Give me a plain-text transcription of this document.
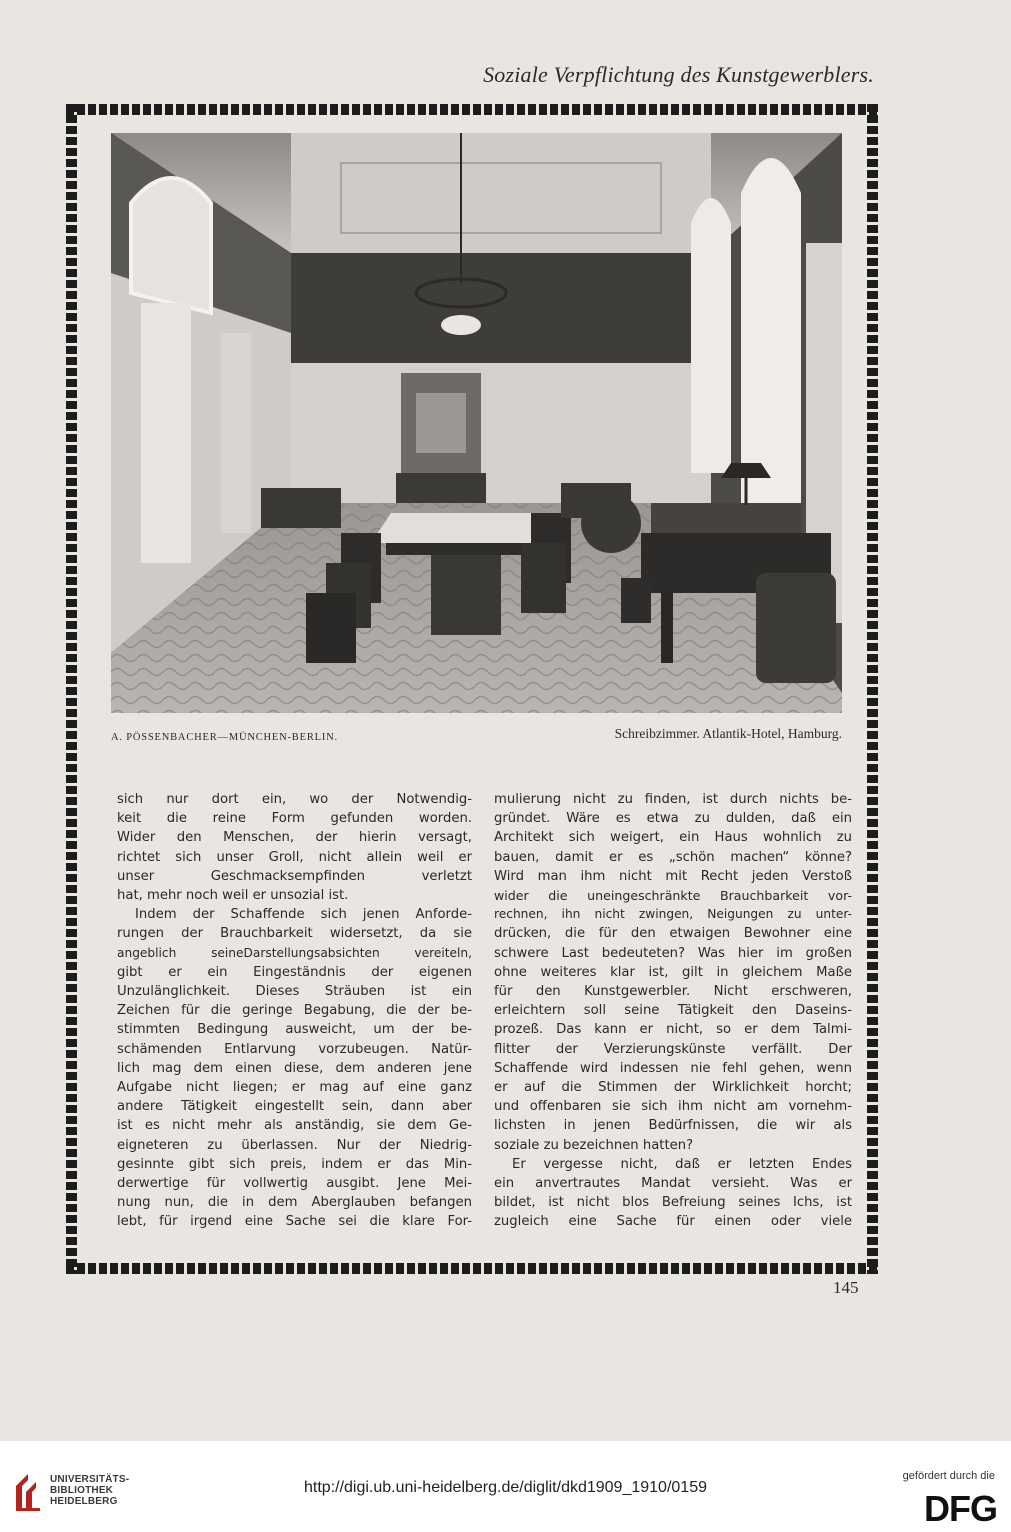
Soziale Verpflichtung des Kunstgewerblers.
A. PÖSSENBACHER—MÜNCHEN-BERLIN.	Schreibzimmer. Atlantik-Hotel, Hamburg.

sich nur dort ein, wo der Notwendig-

keit die reine Form gefunden worden.

Wider den Menschen, der hierin versagt,

richtet sich unser Groll, nicht allein weil er

unser Geschmacksempfinden verletzt

hat, mehr noch weil er unsozial ist.

Indem der Schaffende sich jenen Anforde-

rungen der Brauchbarkeit widersetzt, da sie

angeblich seineDarstellungsabsichten vereiteln,

gibt er ein Eingeständnis der eigenen

Unzulänglichkeit. Dieses Sträuben ist ein

Zeichen für die geringe Begabung, die der be-

stimmten Bedingung ausweicht, um der be-

schämenden Entlarvung vorzubeugen. Natür-

lich mag dem einen diese, dem anderen jene

Aufgabe nicht liegen; er mag auf eine ganz

andere Tätigkeit eingestellt sein, dann aber

ist es nicht mehr als anständig, sie dem Ge-

eigneteren zu überlassen. Nur der Niedrig-

gesinnte gibt sich preis, indem er das Min-

derwertige für vollwertig ausgibt. Jene Mei-

nung nun, die in dem Aberglauben befangen

lebt, für irgend eine Sache sei die klare For-

mulierung nicht zu finden, ist durch nichts be-

gründet. Wäre es etwa zu dulden, daß ein

Architekt sich weigert, ein Haus wohnlich zu

bauen, damit er es „schön machen“ könne?

Wird man ihm nicht mit Recht jeden Verstoß

wider die uneingeschränkte Brauchbarkeit vor-

rechnen, ihn nicht zwingen, Neigungen zu unter-

drücken, die für den etwaigen Bewohner eine

schwere Last bedeuteten? Was hier im großen

ohne weiteres klar ist, gilt in gleichem Maße

für den Kunstgewerbler. Nicht erschweren,

erleichtern soll seine Tätigkeit den Daseins-

prozeß. Das kann er nicht, so er dem Talmi-

flitter der Verzierungskünste verfällt. Der

Schaffende wird indessen nie fehl gehen, wenn

er auf die Stimmen der Wirklichkeit horcht;

und offenbaren sie sich ihm nicht am vornehm-

lichsten in jenen Bedürfnissen, die wir als

soziale zu bezeichnen hatten?

Er vergesse nicht, daß er letzten Endes

ein anvertrautes Mandat versieht. Was er

bildet, ist nicht blos Befreiung seines Ichs, ist

zugleich eine Sache für einen oder viele

145
UNIVERSITÄTS-
BIBLIOTHEK
HEIDELBERG
http://digi.ub.uni-heidelberg.de/diglit/dkd1909_1910/0159
gefördert durch die
DFG
